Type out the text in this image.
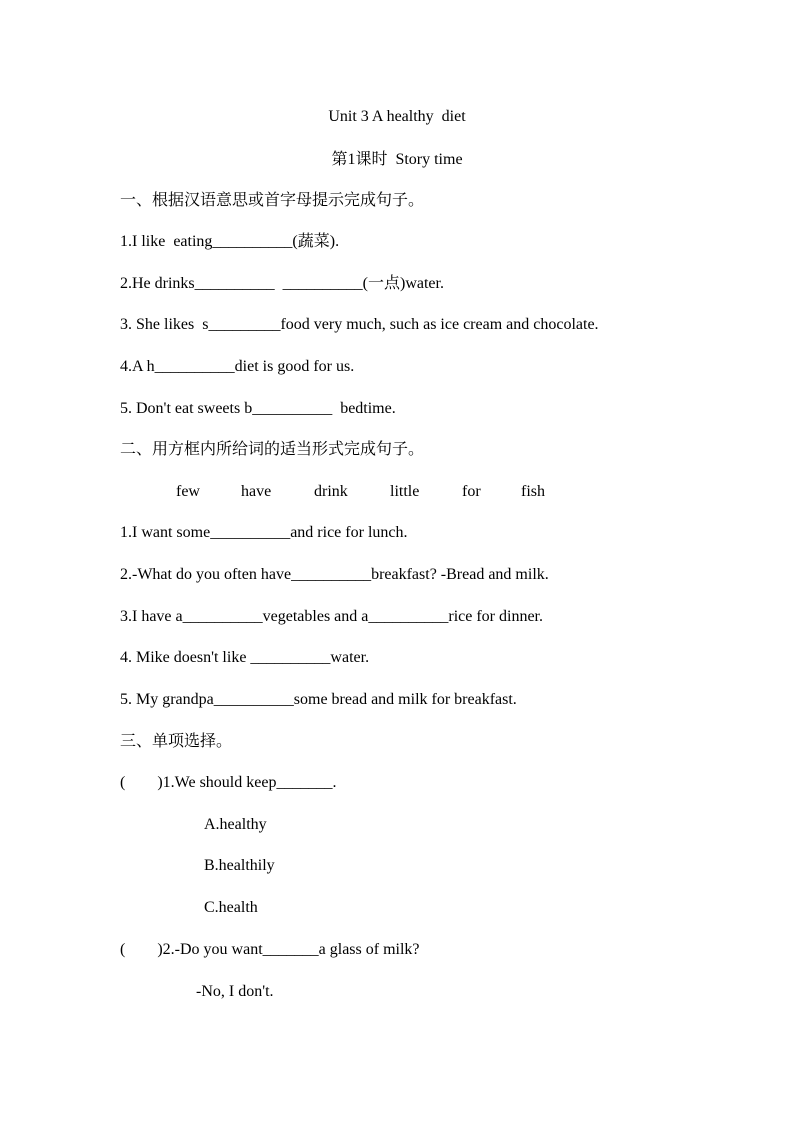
Unit 3 A healthy  diet
第1课时  Story time
一、根据汉语意思或首字母提示完成句子。
1.I like  eating__________(蔬菜).
2.He drinks__________  __________(一点)water.
3. She likes  s_________food very much, such as ice cream and chocolate.
4.A h__________diet is good for us.
5. Don't eat sweets b__________  bedtime.
二、用方框内所给词的适当形式完成句子。
few	have	drink	little	for	fish
1.I want some__________and rice for lunch.
2.-What do you often have__________breakfast? -Bread and milk.
3.I have a__________vegetables and a__________rice for dinner.
4. Mike doesn't like __________water.
5. My grandpa__________some bread and milk for breakfast.
三、单项选择。
(        )1.We should keep_______.
A.healthy
B.healthily
C.health
(        )2.-Do you want_______a glass of milk?
-No, I don't.
